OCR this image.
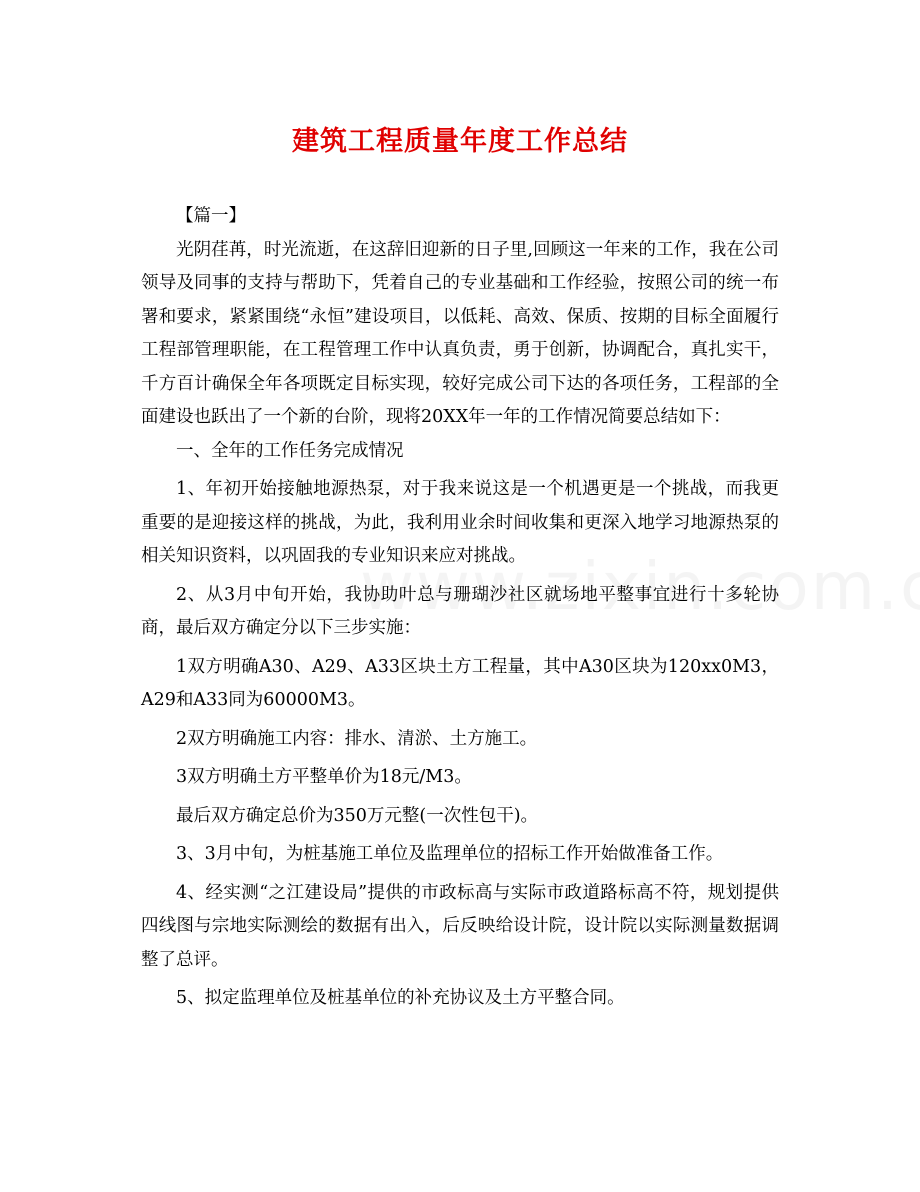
建筑工程质量年度工作总结

【篇一】

光阴荏苒，时光流逝，在这辞旧迎新的日子里,回顾这一年来的工作，我在公司领导及同事的支持与帮助下，凭着自己的专业基础和工作经验，按照公司的统一布署和要求，紧紧围绕“永恒”建设项目，以低耗、高效、保质、按期的目标全面履行工程部管理职能，在工程管理工作中认真负责，勇于创新，协调配合，真扎实干，千方百计确保全年各项既定目标实现，较好完成公司下达的各项任务，工程部的全面建设也跃出了一个新的台阶，现将20XX年一年的工作情况简要总结如下：

一、全年的工作任务完成情况

1、年初开始接触地源热泵，对于我来说这是一个机遇更是一个挑战，而我更重要的是迎接这样的挑战，为此，我利用业余时间收集和更深入地学习地源热泵的相关知识资料，以巩固我的专业知识来应对挑战。

2、从3月中旬开始，我协助叶总与珊瑚沙社区就场地平整事宜进行十多轮协商，最后双方确定分以下三步实施：

1双方明确A30、A29、A33区块土方工程量，其中A30区块为120xx0M3，A29和A33同为60000M3。

2双方明确施工内容：排水、清淤、土方施工。

3双方明确土方平整单价为18元/M3。

最后双方确定总价为350万元整(一次性包干)。

3、3月中旬，为桩基施工单位及监理单位的招标工作开始做准备工作。

4、经实测“之江建设局”提供的市政标高与实际市政道路标高不符，规划提供四线图与宗地实际测绘的数据有出入，后反映给设计院，设计院以实际测量数据调整了总评。

5、拟定监理单位及桩基单位的补充协议及土方平整合同。
